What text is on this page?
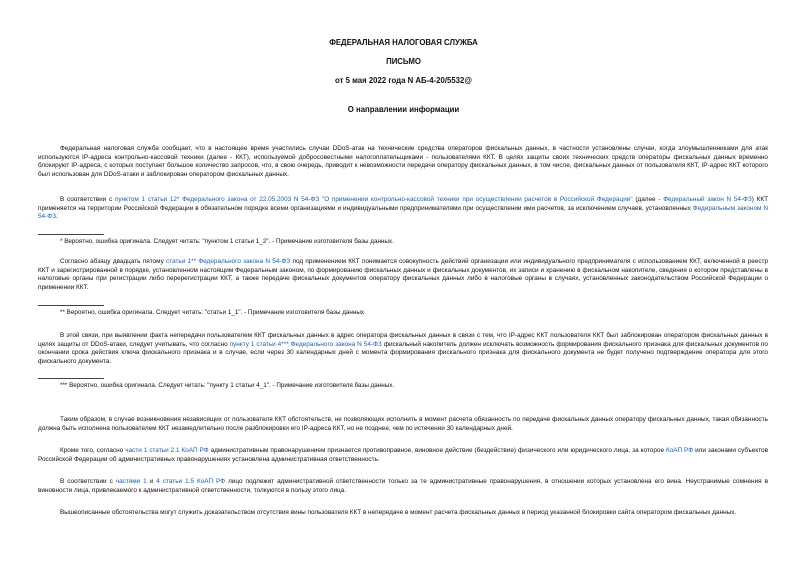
ФЕДЕРАЛЬНАЯ НАЛОГОВАЯ СЛУЖБА
ПИСЬМО
от 5 мая 2022 года N АБ-4-20/5532@
О направлении информации
Федеральная налоговая служба сообщает, что в настоящее время участились случаи DDoS-атак на технические средства операторов фискальных данных, в частности установлены случаи, когда злоумышленниками для атак используются IP-адреса контрольно-кассовой техники (далее - ККТ), используемой добросовестными налогоплательщиками - пользователями ККТ. В целях защиты своих технических средств операторы фискальных данных временно блокируют IP-адреса, с которых поступает большое количество запросов, что, в свою очередь, приводит к невозможности передачи оператору фискальных данных, в том числе, фискальных данных от пользователя ККТ, IP-адрес ККТ которого был использован для DDoS-атаки и заблокирован оператором фискальных данных.
В соответствии с пунктом 1 статьи 12* Федерального закона от 22.05.2003 N 54-ФЗ "О применении контрольно-кассовой техники при осуществлении расчетов в Российской Федерации" (далее - Федеральный закон N 54-ФЗ) ККТ применяется на территории Российской Федерации в обязательном порядке всеми организациями и индивидуальными предпринимателями при осуществлении ими расчетов, за исключением случаев, установленных Федеральным законом N 54-ФЗ.
* Вероятно, ошибка оригинала. Следует читать: "пунктом 1 статьи 1_2". - Примечание изготовителя базы данных.
Согласно абзацу двадцать пятому статьи 1** Федерального закона N 54-ФЗ под применением ККТ понимается совокупность действий организации или индивидуального предпринимателя с использованием ККТ, включенной в реестр ККТ и зарегистрированной в порядке, установленном настоящим Федеральным законом, по формированию фискальных данных и фискальных документов, их записи и хранению в фискальном накопителе, сведения о котором представлены в налоговые органы при регистрации либо перерегистрации ККТ, а также передаче фискальных документов оператору фискальных данных либо в налоговые органы в случаях, установленных законодательством Российской Федерации о применении ККТ.
** Вероятно, ошибка оригинала. Следует читать: "статьи 1_1". - Примечание изготовителя базы данных.
В этой связи, при выявлении факта непередачи пользователем ККТ фискальных данных в адрес оператора фискальных данных в связи с тем, что IP-адрес ККТ пользователя ККТ был заблокирован оператором фискальных данных в целях защиты от DDoS-атаки, следует учитывать, что согласно пункту 1 статьи 4*** Федерального закона N 54-ФЗ фискальный накопитель должен исключать возможность формирования фискального признака для фискальных документов по окончании срока действия ключа фискального признака и в случае, если через 30 календарных дней с момента формирования фискального признака для фискального документа не будет получено подтверждение оператора для этого фискального документа.
*** Вероятно, ошибка оригинала. Следует читать: "пункту 1 статьи 4_1". - Примечание изготовителя базы данных.
Таким образом, в случае возникновения независящих от пользователя ККТ обстоятельств, не позволяющих исполнить в момент расчета обязанность по передаче фискальных данных оператору фискальных данных, такая обязанность должна быть исполнена пользователем ККТ незамедлительно после разблокировки его IP-адреса ККТ, но не позднее, чем по истечении 30 календарных дней.
Кроме того, согласно части 1 статьи 2.1 КоАП РФ административным правонарушением признается противоправное, виновное действие (бездействие) физического или юридического лица, за которое КоАП РФ или законами субъектов Российской Федерации об административных правонарушениях установлена административная ответственность.
В соответствии с частями 1 и 4 статьи 1.5 КоАП РФ лицо подлежит административной ответственности только за те административные правонарушения, в отношении которых установлена его вина. Неустранимые сомнения в виновности лица, привлекаемого к административной ответственности, толкуются в пользу этого лица.
Вышеописанные обстоятельства могут служить доказательством отсутствия вины пользователя ККТ в непередаче в момент расчета фискальных данных в период указанной блокировки сайта оператором фискальных данных.
